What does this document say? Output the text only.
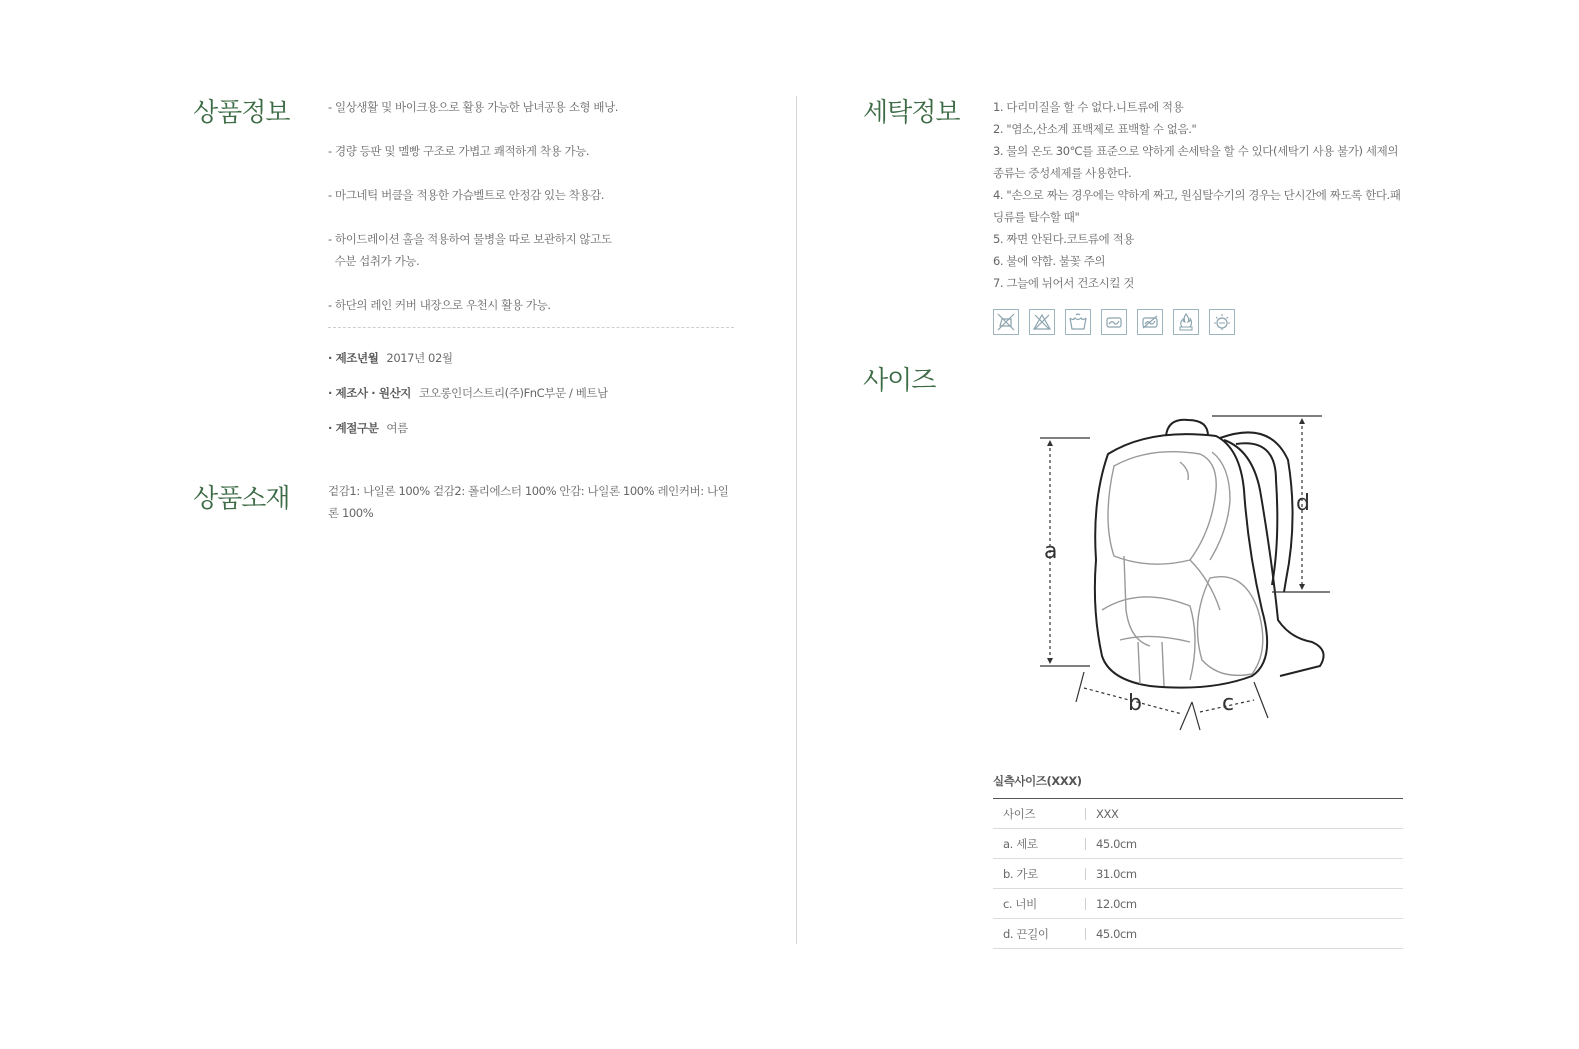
상품정보	- 일상생활 및 바이크용으로 활용 가능한 남녀공용 소형 배낭.
- 경량 등판 및 멜빵 구조로 가볍고 쾌적하게 착용 가능.
- 마그네틱 버클을 적용한 가슴벨트로 안정감 있는 착용감.
- 하이드레이션 홀을 적용하여 물병을 따로 보관하지 않고도
수분 섭취가 가능.
- 하단의 레인 커버 내장으로 우천시 활용 가능.
· 제조년월 2017년 02월
· 제조사 · 원산지 코오롱인더스트리(주)FnC부문 / 베트남
· 계절구분 여름
상품소재	겉감1: 나일론 100% 겉감2: 폴리에스터 100% 안감: 나일론 100% 레인커버: 나일론 100%
세탁정보	1. 다리미질을 할 수 없다.니트류에 적용

2. "염소,산소계 표백제로 표백할 수 없음."

3. 물의 온도 30℃를 표준으로 약하게 손세탁을 할 수 있다(세탁기 사용 불가) 세제의 종류는 중성세제를 사용한다.

4. "손으로 짜는 경우에는 약하게 짜고, 원심탈수기의 경우는 단시간에 짜도록 한다.패딩류를 탈수할 때"

5. 짜면 안된다.코트류에 적용

6. 불에 약함. 불꽃 주의

7. 그늘에 뉘어서 건조시킬 것

사이즈
a
d
b	c
실측사이즈(XXX)
사이즈	XXX
a. 세로	45.0cm
b. 가로	31.0cm
c. 너비	12.0cm
d. 끈길이	45.0cm
